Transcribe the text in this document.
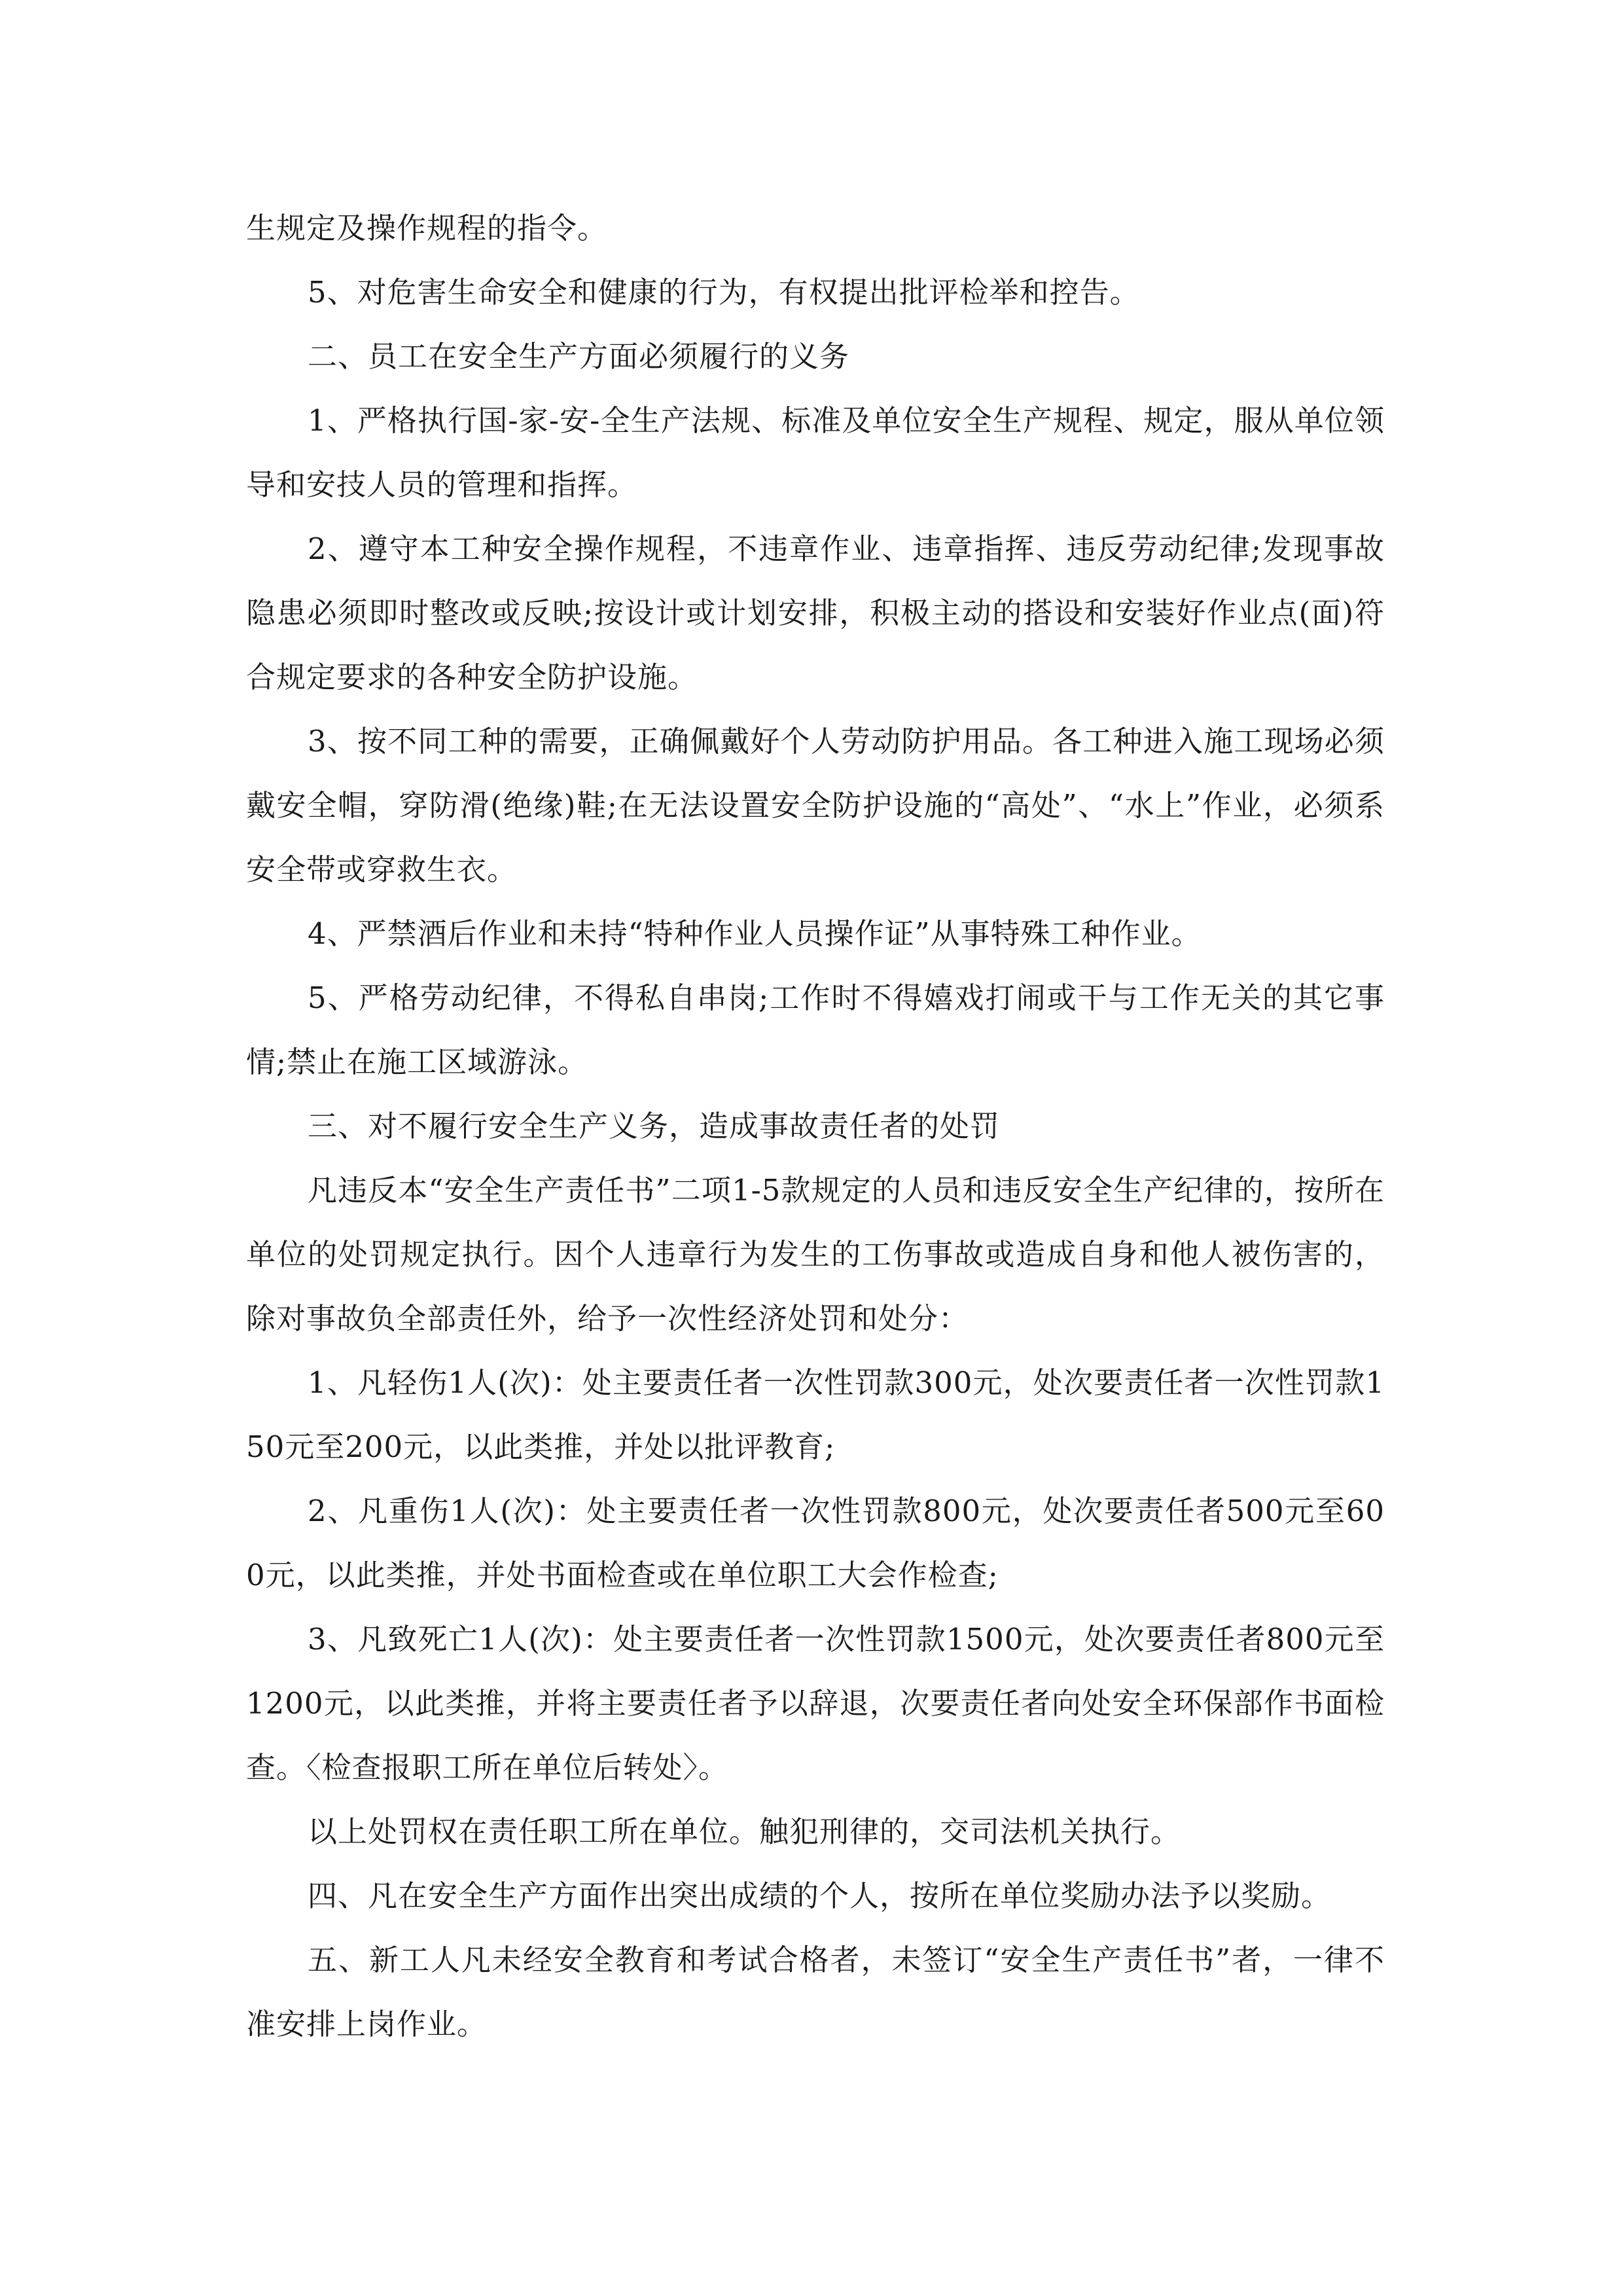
生规定及操作规程的指令。

5、对危害生命安全和健康的行为，有权提出批评检举和控告。

二、员工在安全生产方面必须履行的义务

1、严格执行国-家-安-全生产法规、标准及单位安全生产规程、规定，服从单位领导和安技人员的管理和指挥。

2、遵守本工种安全操作规程，不违章作业、违章指挥、违反劳动纪律;发现事故隐患必须即时整改或反映;按设计或计划安排，积极主动的搭设和安装好作业点(面)符合规定要求的各种安全防护设施。

3、按不同工种的需要，正确佩戴好个人劳动防护用品。各工种进入施工现场必须戴安全帽，穿防滑(绝缘)鞋;在无法设置安全防护设施的“高处”、“水上”作业，必须系安全带或穿救生衣。

4、严禁酒后作业和未持“特种作业人员操作证”从事特殊工种作业。

5、严格劳动纪律，不得私自串岗;工作时不得嬉戏打闹或干与工作无关的其它事情;禁止在施工区域游泳。

三、对不履行安全生产义务，造成事故责任者的处罚

凡违反本“安全生产责任书”二项1-5款规定的人员和违反安全生产纪律的，按所在单位的处罚规定执行。因个人违章行为发生的工伤事故或造成自身和他人被伤害的，除对事故负全部责任外，给予一次性经济处罚和处分：

1、凡轻伤1人(次)：处主要责任者一次性罚款300元，处次要责任者一次性罚款150元至200元，以此类推，并处以批评教育;

2、凡重伤1人(次)：处主要责任者一次性罚款800元，处次要责任者500元至600元，以此类推，并处书面检查或在单位职工大会作检查;

3、凡致死亡1人(次)：处主要责任者一次性罚款1500元，处次要责任者800元至1200元，以此类推，并将主要责任者予以辞退，次要责任者向处安全环保部作书面检查。〈检查报职工所在单位后转处〉。

以上处罚权在责任职工所在单位。触犯刑律的，交司法机关执行。

四、凡在安全生产方面作出突出成绩的个人，按所在单位奖励办法予以奖励。

五、新工人凡未经安全教育和考试合格者，未签订“安全生产责任书”者，一律不准安排上岗作业。
